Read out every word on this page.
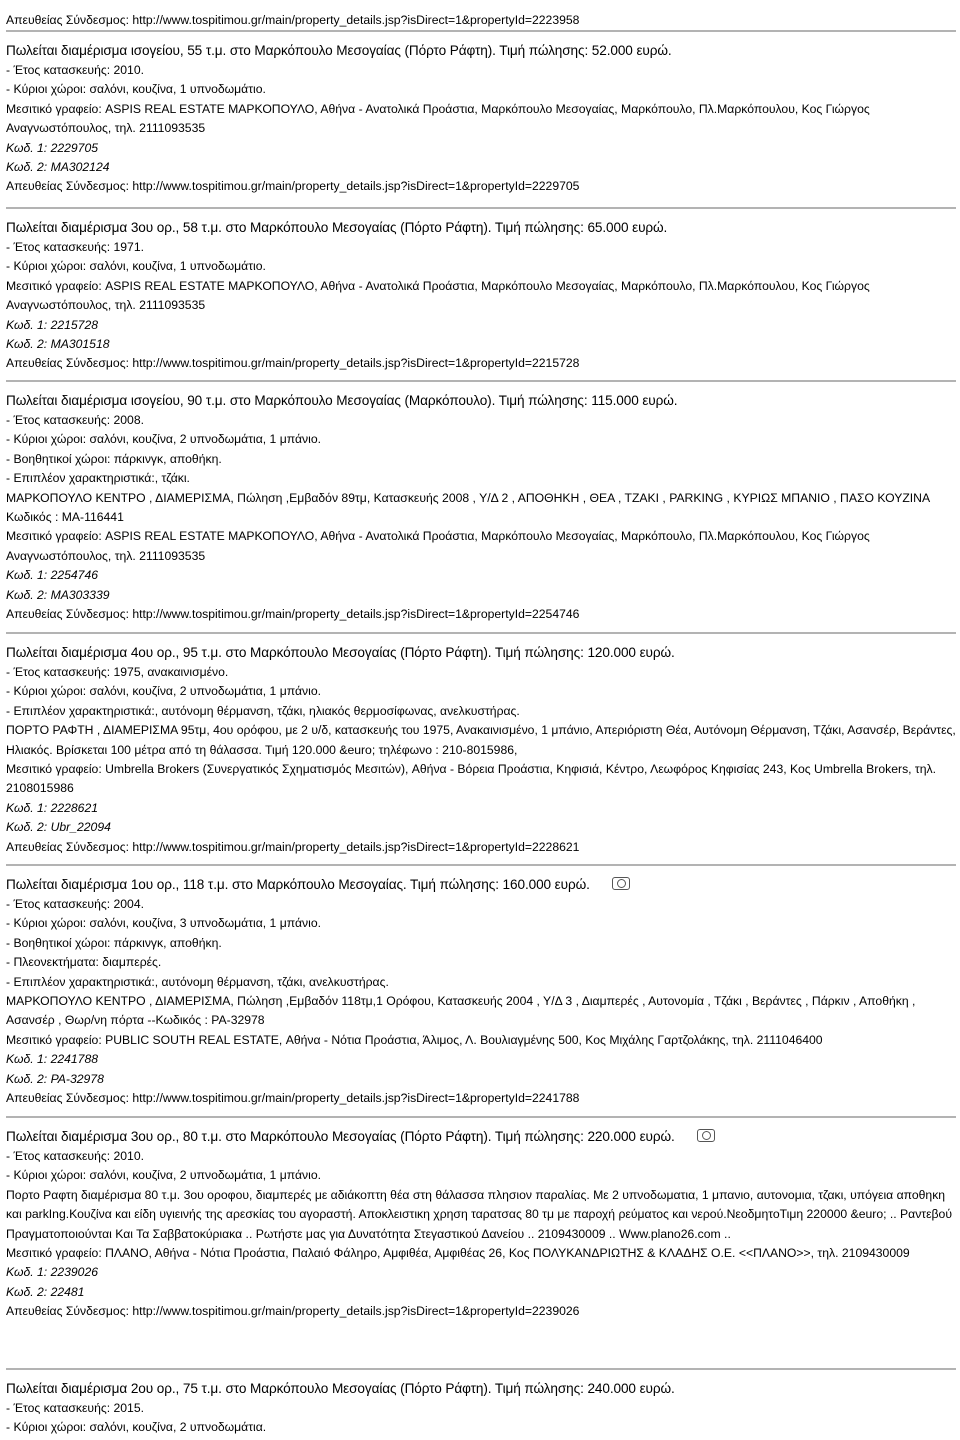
Απευθείας Σύνδεσμος: http://www.tospitimou.gr/main/property_details.jsp?isDirect=1&propertyId=2223958
Πωλείται διαμέρισμα ισογείου, 55 τ.μ. στο Μαρκόπουλο Μεσογαίας (Πόρτο Ράφτη). Τιμή πώλησης: 52.000 ευρώ.
- Έτος κατασκευής: 2010.
- Κύριοι χώροι: σαλόνι, κουζίνα, 1 υπνοδωμάτιο.
Μεσιτικό γραφείο: ASPIS REAL ESTATE ΜΑΡΚΟΠΟΥΛΟ, Αθήνα - Ανατολικά Προάστια, Μαρκόπουλο Μεσογαίας, Μαρκόπουλο, Πλ.Μαρκόπουλου, Κος Γιώργος Αναγνωστόπουλος, τηλ. 2111093535
Κωδ. 1: 2229705
Κωδ. 2: ΜΑ302124
Απευθείας Σύνδεσμος: http://www.tospitimou.gr/main/property_details.jsp?isDirect=1&propertyId=2229705
Πωλείται διαμέρισμα 3ου ορ., 58 τ.μ. στο Μαρκόπουλο Μεσογαίας (Πόρτο Ράφτη). Τιμή πώλησης: 65.000 ευρώ.
- Έτος κατασκευής: 1971.
- Κύριοι χώροι: σαλόνι, κουζίνα, 1 υπνοδωμάτιο.
Μεσιτικό γραφείο: ASPIS REAL ESTATE ΜΑΡΚΟΠΟΥΛΟ, Αθήνα - Ανατολικά Προάστια, Μαρκόπουλο Μεσογαίας, Μαρκόπουλο, Πλ.Μαρκόπουλου, Κος Γιώργος Αναγνωστόπουλος, τηλ. 2111093535
Κωδ. 1: 2215728
Κωδ. 2: ΜΑ301518
Απευθείας Σύνδεσμος: http://www.tospitimou.gr/main/property_details.jsp?isDirect=1&propertyId=2215728
Πωλείται διαμέρισμα ισογείου, 90 τ.μ. στο Μαρκόπουλο Μεσογαίας (Μαρκόπουλο). Τιμή πώλησης: 115.000 ευρώ.
- Έτος κατασκευής: 2008.
- Κύριοι χώροι: σαλόνι, κουζίνα, 2 υπνοδωμάτια, 1 μπάνιο.
- Βοηθητικοί χώροι: πάρκινγκ, αποθήκη.
- Επιπλέον χαρακτηριστικά:, τζάκι.
ΜΑΡΚΟΠΟΥΛΟ ΚΕΝΤΡΟ , ΔΙΑΜΕΡΙΣΜΑ, Πώληση ,Εμβαδόν 89τμ, Κατασκευής 2008 , Υ/Δ 2 , ΑΠΟΘΗΚΗ , ΘΕΑ , ΤΖΑΚΙ , PARKING , ΚΥΡΙΩΣ ΜΠΑΝΙΟ , ΠΑΣΟ ΚΟΥΖΙΝΑ Κωδικός : ΜΑ-116441
Μεσιτικό γραφείο: ASPIS REAL ESTATE ΜΑΡΚΟΠΟΥΛΟ, Αθήνα - Ανατολικά Προάστια, Μαρκόπουλο Μεσογαίας, Μαρκόπουλο, Πλ.Μαρκόπουλου, Κος Γιώργος Αναγνωστόπουλος, τηλ. 2111093535
Κωδ. 1: 2254746
Κωδ. 2: ΜΑ303339
Απευθείας Σύνδεσμος: http://www.tospitimou.gr/main/property_details.jsp?isDirect=1&propertyId=2254746
Πωλείται διαμέρισμα 4ου ορ., 95 τ.μ. στο Μαρκόπουλο Μεσογαίας (Πόρτο Ράφτη). Τιμή πώλησης: 120.000 ευρώ.
- Έτος κατασκευής: 1975, ανακαινισμένο.
- Κύριοι χώροι: σαλόνι, κουζίνα, 2 υπνοδωμάτια, 1 μπάνιο.
- Επιπλέον χαρακτηριστικά:, αυτόνομη θέρμανση, τζάκι, ηλιακός θερμοσίφωνας, ανελκυστήρας.
ΠΟΡΤΟ ΡΑΦΤΗ , ΔΙΑΜΕΡΙΣΜΑ 95τμ, 4ου ορόφου, με 2 υ/δ, κατασκευής του 1975, Ανακαινισμένο, 1 μπάνιο, Απεριόριστη Θέα, Αυτόνομη Θέρμανση, Τζάκι, Ασανσέρ, Βεράντες, Ηλιακός. Βρίσκεται 100 μέτρα από τη θάλασσα. Τιμή 120.000 &euro; τηλέφωνο : 210-8015986,
Μεσιτικό γραφείο: Umbrella Brokers (Συνεργατικός Σχηματισμός Μεσιτών), Αθήνα - Βόρεια Προάστια, Κηφισιά, Κέντρο, Λεωφόρος Κηφισίας 243, Κος Umbrella Brokers, τηλ. 2108015986
Κωδ. 1: 2228621
Κωδ. 2: Ubr_22094
Απευθείας Σύνδεσμος: http://www.tospitimou.gr/main/property_details.jsp?isDirect=1&propertyId=2228621
Πωλείται διαμέρισμα 1ου ορ., 118 τ.μ. στο Μαρκόπουλο Μεσογαίας. Τιμή πώλησης: 160.000 ευρώ.
- Έτος κατασκευής: 2004.
- Κύριοι χώροι: σαλόνι, κουζίνα, 3 υπνοδωμάτια, 1 μπάνιο.
- Βοηθητικοί χώροι: πάρκινγκ, αποθήκη.
- Πλεονεκτήματα: διαμπερές.
- Επιπλέον χαρακτηριστικά:, αυτόνομη θέρμανση, τζάκι, ανελκυστήρας.
ΜΑΡΚΟΠΟΥΛΟ ΚΕΝΤΡΟ , ΔΙΑΜΕΡΙΣΜΑ, Πώληση ,Εμβαδόν 118τμ,1 Ορόφου, Κατασκευής 2004 , Υ/Δ 3 , Διαμπερές , Αυτονομία , Τζάκι , Βεράντες , Πάρκιν , Αποθήκη , Ασανσέρ , Θωρ/νη πόρτα --Κωδικός : ΡΑ-32978
Μεσιτικό γραφείο: PUBLIC SOUTH REAL ESTATE, Αθήνα - Νότια Προάστια, Άλιμος, Λ. Βουλιαγμένης 500, Κος Μιχάλης Γαρτζολάκης, τηλ. 2111046400
Κωδ. 1: 2241788
Κωδ. 2: ΡΑ-32978
Απευθείας Σύνδεσμος: http://www.tospitimou.gr/main/property_details.jsp?isDirect=1&propertyId=2241788
Πωλείται διαμέρισμα 3ου ορ., 80 τ.μ. στο Μαρκόπουλο Μεσογαίας (Πόρτο Ράφτη). Τιμή πώλησης: 220.000 ευρώ.
- Έτος κατασκευής: 2010.
- Κύριοι χώροι: σαλόνι, κουζίνα, 2 υπνοδωμάτια, 1 μπάνιο.
Πορτο Ραφτη διαμέρισμα 80 τ.μ. 3ου οροφου, διαμπερές με αδιάκοπτη θέα στη θάλασσα πλησιον παραλίας. Με 2 υπνοδωματια, 1 μπανιο, αυτονομια, τζακι, υπόγεια αποθηκη και parkIng.Κουζίνα και είδη υγιεινής της αρεσκίας του αγοραστή. Αποκλειστικη χρηση ταρατσας 80 τμ με παροχή ρεύματος και νερού.ΝεοδμητοΤιμη 220000 &euro; .. Ραντεβού Πραγματοποιούνται Και Τα Σαββατοκύριακα .. Ρωτήστε μας για Δυνατότητα Στεγαστικού Δανείου .. 2109430009 .. Www.plano26.com ..
Μεσιτικό γραφείο: ΠΛΑΝΟ, Αθήνα - Νότια Προάστια, Παλαιό Φάληρο, Αμφιθέα, Αμφιθέας 26, Κος ΠΟΛΥΚΑΝΔΡΙΩΤΗΣ & ΚΛΑΔΗΣ Ο.Ε. <<ΠΛΑΝΟ>>, τηλ. 2109430009
Κωδ. 1: 2239026
Κωδ. 2: 22481
Απευθείας Σύνδεσμος: http://www.tospitimou.gr/main/property_details.jsp?isDirect=1&propertyId=2239026
Πωλείται διαμέρισμα 2ου ορ., 75 τ.μ. στο Μαρκόπουλο Μεσογαίας (Πόρτο Ράφτη). Τιμή πώλησης: 240.000 ευρώ.
- Έτος κατασκευής: 2015.
- Κύριοι χώροι: σαλόνι, κουζίνα, 2 υπνοδωμάτια.
